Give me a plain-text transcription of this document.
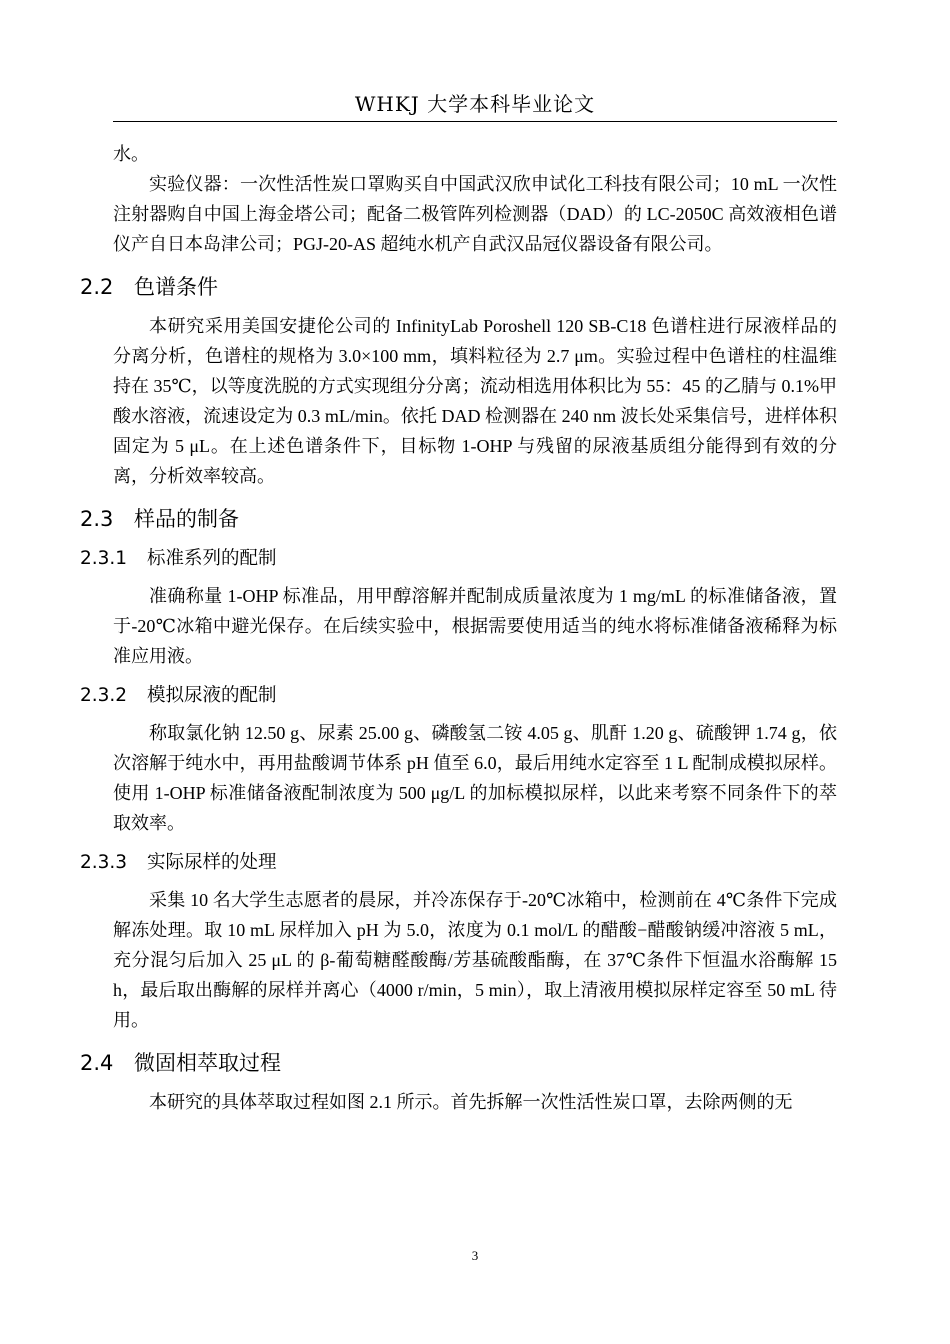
WHKJ 大学本科毕业论文

水。

实验仪器：一次性活性炭口罩购买自中国武汉欣申试化工科技有限公司；10 mL 一次性注射器购自中国上海金塔公司；配备二极管阵列检测器（DAD）的 LC-2050C 高效液相色谱仪产自日本岛津公司；PGJ-20-AS 超纯水机产自武汉品冠仪器设备有限公司。

2.2 色谱条件

本研究采用美国安捷伦公司的 InfinityLab Poroshell 120 SB-C18 色谱柱进行尿液样品的分离分析，色谱柱的规格为 3.0×100 mm，填料粒径为 2.7 μm。实验过程中色谱柱的柱温维持在 35℃，以等度洗脱的方式实现组分分离；流动相选用体积比为 55：45 的乙腈与 0.1%甲酸水溶液，流速设定为 0.3 mL/min。依托 DAD 检测器在 240 nm 波长处采集信号，进样体积固定为 5 μL。在上述色谱条件下，目标物 1-OHP 与残留的尿液基质组分能得到有效的分离，分析效率较高。

2.3 样品的制备
2.3.1 标准系列的配制

准确称量 1-OHP 标准品，用甲醇溶解并配制成质量浓度为 1 mg/mL 的标准储备液，置于-20℃冰箱中避光保存。在后续实验中，根据需要使用适当的纯水将标准储备液稀释为标准应用液。

2.3.2 模拟尿液的配制

称取氯化钠 12.50 g、尿素 25.00 g、磷酸氢二铵 4.05 g、肌酐 1.20 g、硫酸钾 1.74 g，依次溶解于纯水中，再用盐酸调节体系 pH 值至 6.0，最后用纯水定容至 1 L 配制成模拟尿样。使用 1-OHP 标准储备液配制浓度为 500 μg/L 的加标模拟尿样，以此来考察不同条件下的萃取效率。

2.3.3 实际尿样的处理

采集 10 名大学生志愿者的晨尿，并冷冻保存于-20℃冰箱中，检测前在 4℃条件下完成解冻处理。取 10 mL 尿样加入 pH 为 5.0，浓度为 0.1 mol/L 的醋酸−醋酸钠缓冲溶液 5 mL，充分混匀后加入 25 μL 的 β-葡萄糖醛酸酶/芳基硫酸酯酶，在 37℃条件下恒温水浴酶解 15 h，最后取出酶解的尿样并离心（4000 r/min，5 min），取上清液用模拟尿样定容至 50 mL 待用。

2.4 微固相萃取过程

本研究的具体萃取过程如图 2.1 所示。首先拆解一次性活性炭口罩，去除两侧的无

3
